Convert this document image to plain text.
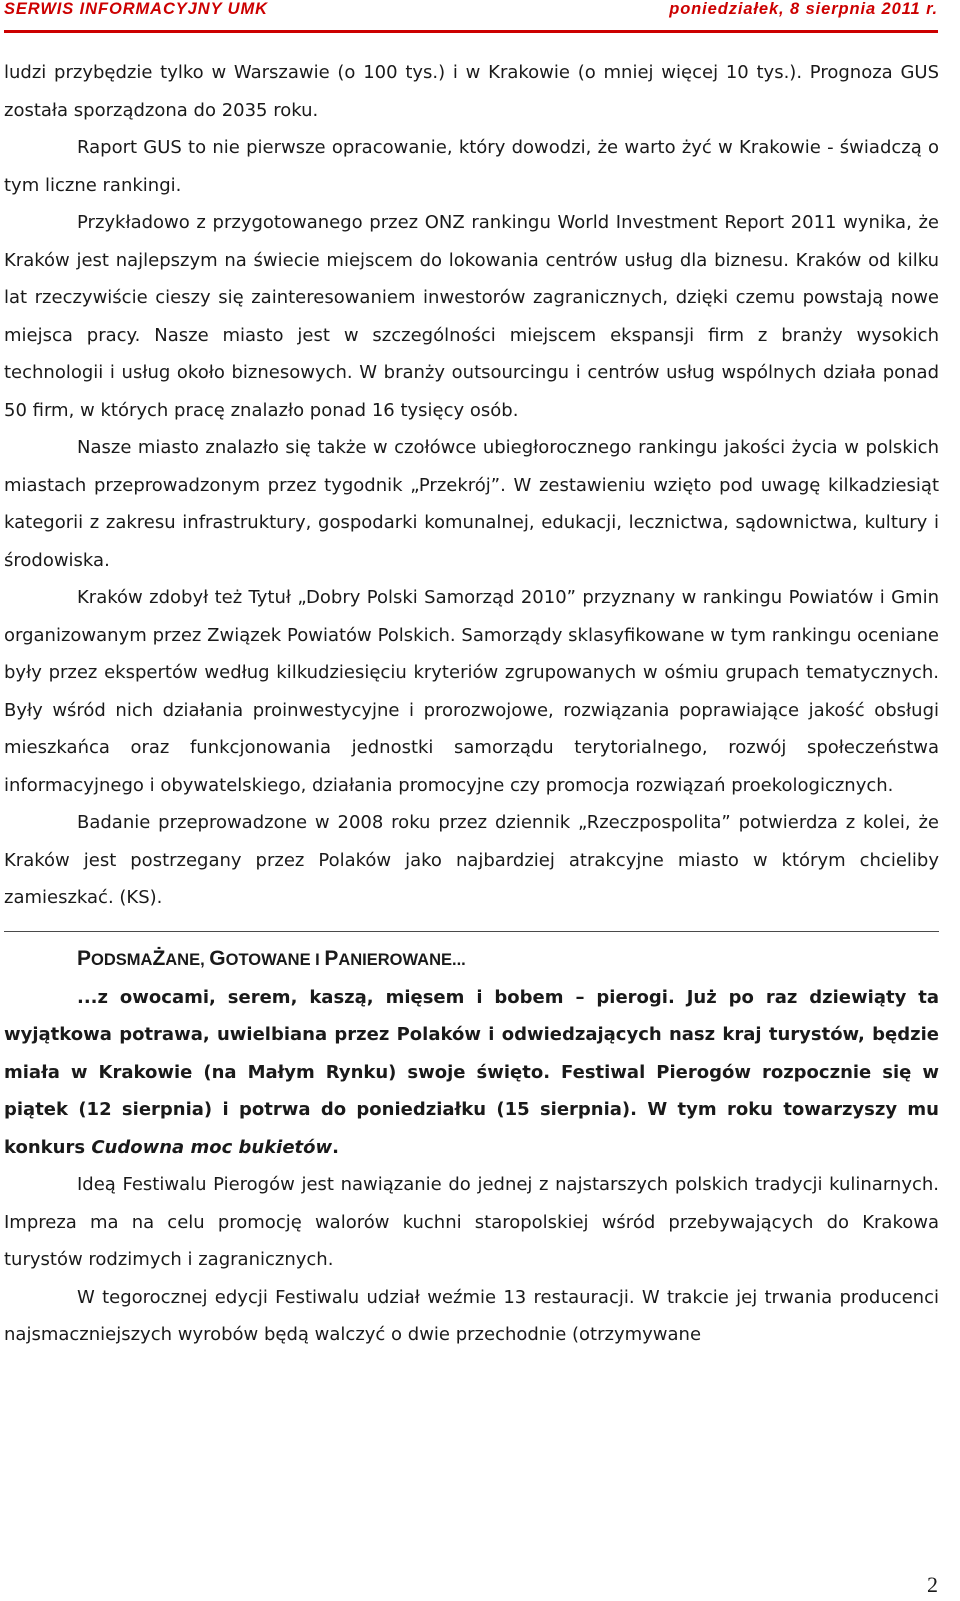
SERWIS INFORMACYJNY UMK	poniedziałek, 8 sierpnia 2011 r.

ludzi przybędzie tylko w Warszawie (o 100 tys.) i w Krakowie (o mniej więcej 10 tys.). Prognoza GUS została sporządzona do 2035 roku.

Raport GUS to nie pierwsze opracowanie, który dowodzi, że warto żyć w Krakowie - świadczą o tym liczne rankingi.

Przykładowo z przygotowanego przez ONZ rankingu World Investment Report 2011 wynika, że Kraków jest najlepszym na świecie miejscem do lokowania centrów usług dla biznesu. Kraków od kilku lat rzeczywiście cieszy się zainteresowaniem inwestorów zagranicznych, dzięki czemu powstają nowe miejsca pracy. Nasze miasto jest w szczególności miejscem ekspansji firm z branży wysokich technologii i usług około biznesowych. W branży outsourcingu i centrów usług wspólnych działa ponad 50 firm, w których pracę znalazło ponad 16 tysięcy osób.

Nasze miasto znalazło się także w czołówce ubiegłorocznego rankingu jakości życia w polskich miastach przeprowadzonym przez tygodnik „Przekrój”. W zestawieniu wzięto pod uwagę kilkadziesiąt kategorii z zakresu infrastruktury, gospodarki komunalnej, edukacji, lecznictwa, sądownictwa, kultury i środowiska.

Kraków zdobył też Tytuł „Dobry Polski Samorząd 2010” przyznany w rankingu Powiatów i Gmin organizowanym przez Związek Powiatów Polskich. Samorządy sklasyfikowane w tym rankingu oceniane były przez ekspertów według kilkudziesięciu kryteriów zgrupowanych w ośmiu grupach tematycznych. Były wśród nich działania proinwestycyjne i prorozwojowe, rozwiązania poprawiające jakość obsługi mieszkańca oraz funkcjonowania jednostki samorządu terytorialnego, rozwój społeczeństwa informacyjnego i obywatelskiego, działania promocyjne czy promocja rozwiązań proekologicznych.

Badanie przeprowadzone w 2008 roku przez dziennik „Rzeczpospolita” potwierdza z kolei, że Kraków jest postrzegany przez Polaków jako najbardziej atrakcyjne miasto w którym chcieliby zamieszkać. (KS).

PODSMAŻANE, GOTOWANE I PANIEROWANE...

...z owocami, serem, kaszą, mięsem i bobem – pierogi. Już po raz dziewiąty ta wyjątkowa potrawa, uwielbiana przez Polaków i odwiedzających nasz kraj turystów, będzie miała w Krakowie (na Małym Rynku) swoje święto. Festiwal Pierogów rozpocznie się w piątek (12 sierpnia) i potrwa do poniedziałku (15 sierpnia). W tym roku towarzyszy mu konkurs Cudowna moc bukietów.

Ideą Festiwalu Pierogów jest nawiązanie do jednej z najstarszych polskich tradycji kulinarnych. Impreza ma na celu promocję walorów kuchni staropolskiej wśród przebywających do Krakowa turystów rodzimych i zagranicznych.

W tegorocznej edycji Festiwalu udział weźmie 13 restauracji. W trakcie jej trwania producenci najsmaczniejszych wyrobów będą walczyć o dwie przechodnie (otrzymywane

2
